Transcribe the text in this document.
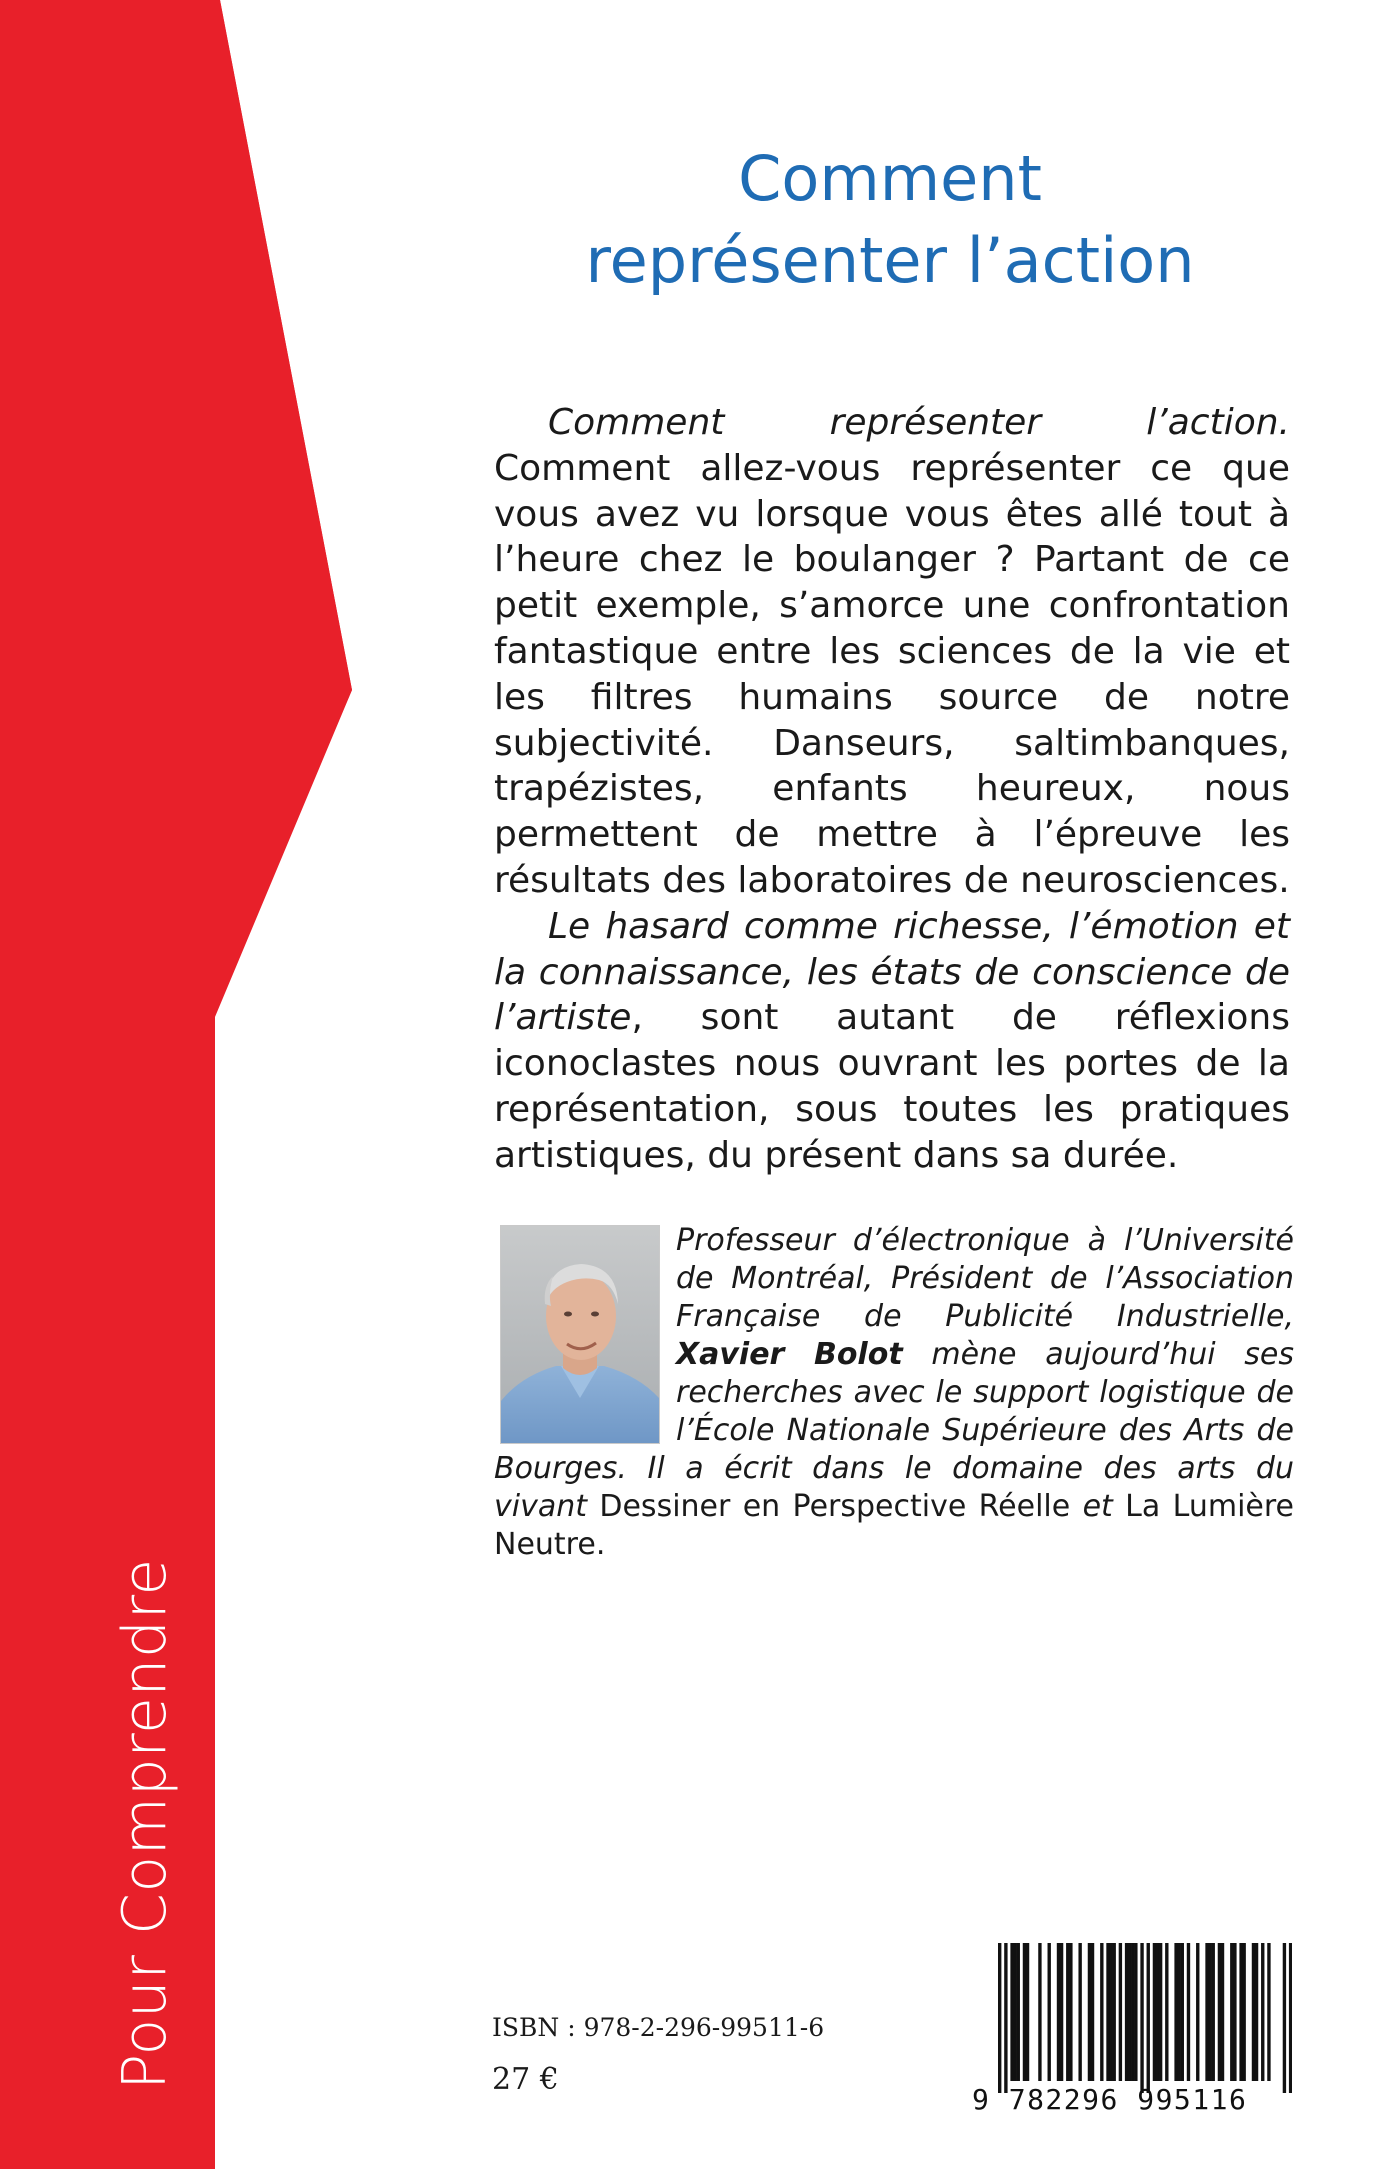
Pour Comprendre
Comment
représenter l’action

Comment représenter l’action. Comment allez-vous représenter ce que vous avez vu lorsque vous êtes allé tout à l’heure chez le boulanger ? Partant de ce petit exemple, s’amorce une confrontation fantastique entre les sciences de la vie et les filtres humains source de notre subjectivité. Danseurs, saltimbanques, trapézistes, enfants heureux, nous permettent de mettre à l’épreuve les résultats des laboratoires de neurosciences.

Le hasard comme richesse, l’émotion et la connaissance, les états de conscience de l’artiste, sont autant de réflexions iconoclastes nous ouvrant les portes de la représentation, sous toutes les pratiques artistiques, du présent dans sa durée.

Professeur d’électronique à l’Université de Montréal, Président de l’Association Française de Publicité Industrielle, Xavier Bolot mène aujourd’hui ses recherches avec le support logistique de l’École Nationale Supérieure des Arts de Bourges. Il a écrit dans le domaine des arts du vivant Dessiner en Perspective Réelle et La Lumière Neutre.

ISBN : 978-2-296-99511-6
27 €
9 782296 995116
